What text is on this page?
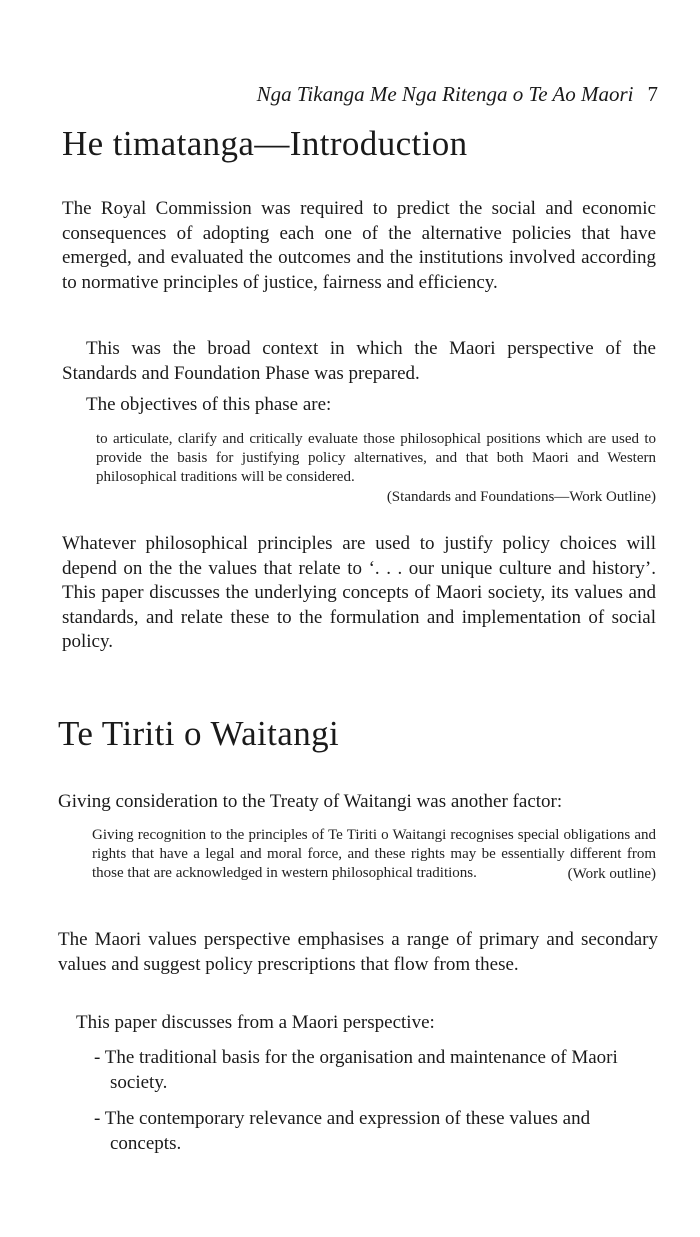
Nga Tikanga Me Nga Ritenga o Te Ao Maori 7
He timatanga—Introduction

The Royal Commission was required to predict the social and economic consequences of adopting each one of the alternative policies that have emerged, and evaluated the outcomes and the institutions involved according to normative principles of justice, fairness and efficiency.

This was the broad context in which the Maori perspective of the Standards and Foundation Phase was prepared.

The objectives of this phase are:

to articulate, clarify and critically evaluate those philosophical positions which are used to provide the basis for justifying policy alternatives, and that both Maori and Western philosophical traditions will be considered.
(Standards and Foundations—Work Outline)

Whatever philosophical principles are used to justify policy choices will depend on the the values that relate to ‘. . . our unique culture and history’. This paper discusses the underlying concepts of Maori society, its values and standards, and relate these to the formulation and implementation of social policy.

Te Tiriti o Waitangi

Giving consideration to the Treaty of Waitangi was another factor:

Giving recognition to the principles of Te Tiriti o Waitangi recognises special obligations and rights that have a legal and moral force, and these rights may be essentially different from those that are acknowledged in western philosophical traditions.	(Work outline)

The Maori values perspective emphasises a range of primary and secondary values and suggest policy prescriptions that flow from these.

This paper discusses from a Maori perspective:

- The traditional basis for the organisation and maintenance of Maori society.

- The contemporary relevance and expression of these values and concepts.
